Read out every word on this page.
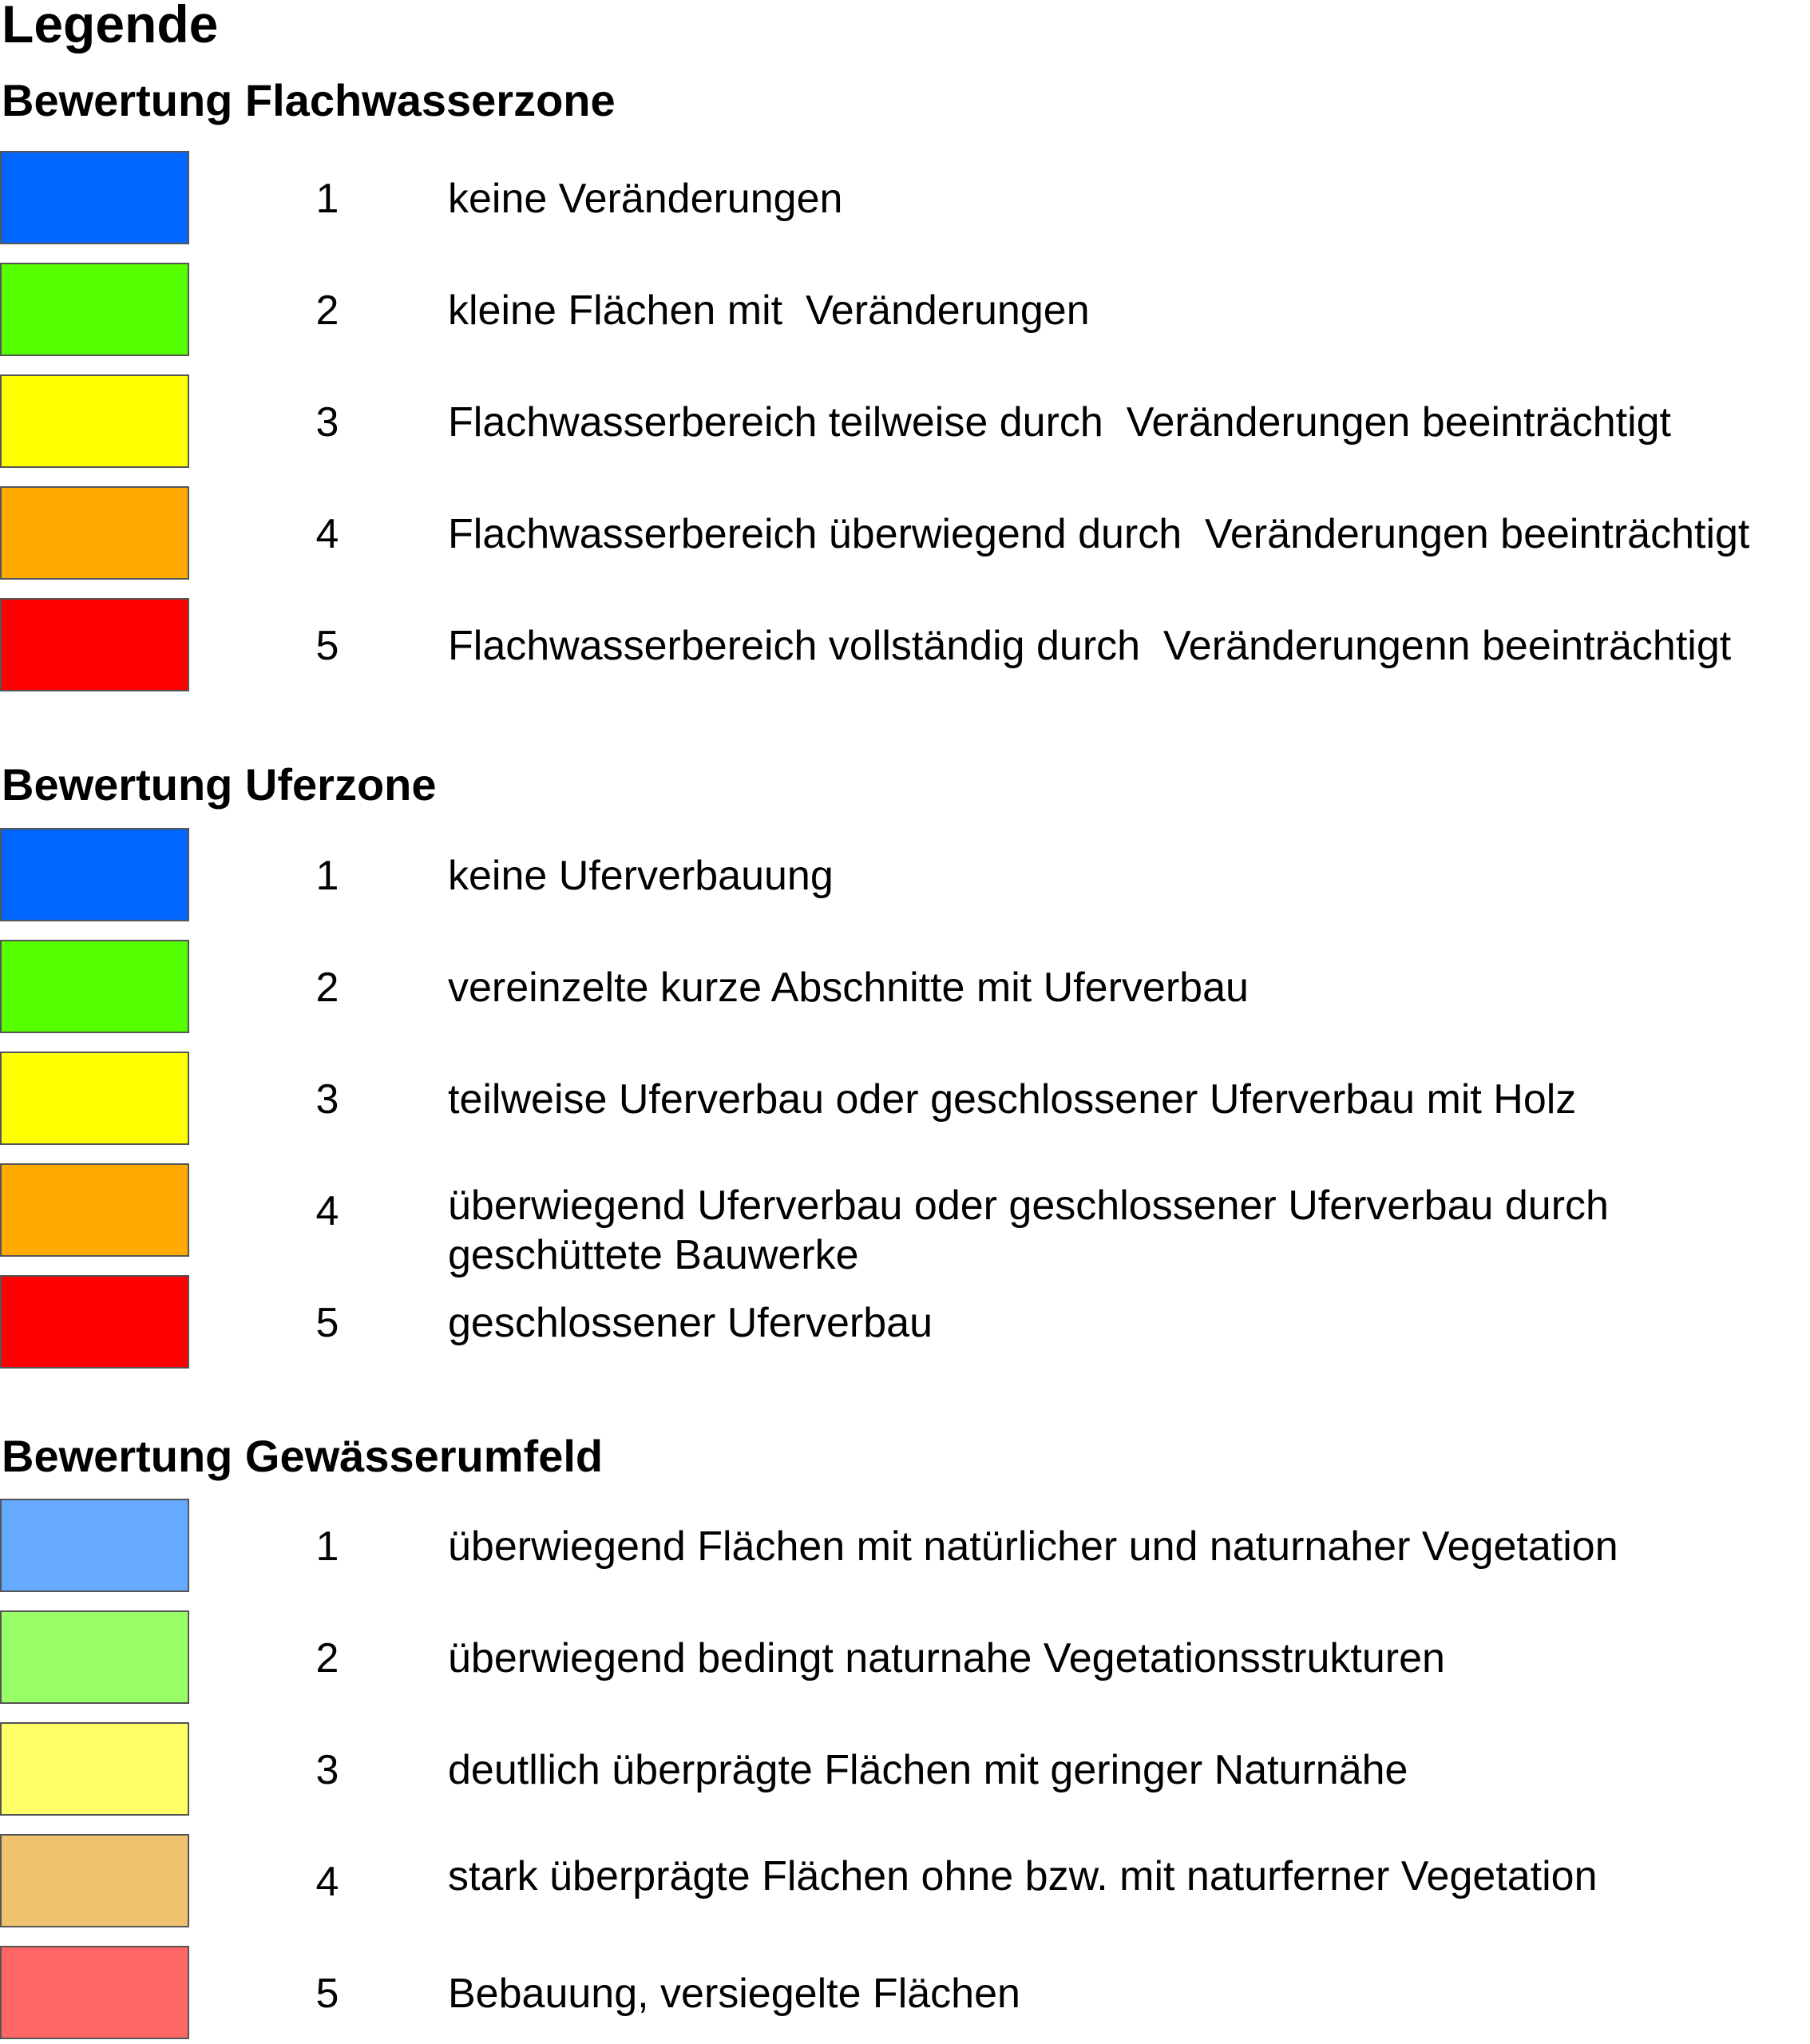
Legende
Bewertung Flachwasserzone
1	keine Veränderungen
2	kleine Flächen mit  Veränderungen
3	Flachwasserbereich teilweise durch  Veränderungen beeinträchtigt
4	Flachwasserbereich überwiegend durch  Veränderungen beeinträchtigt
5	Flachwasserbereich vollständig durch  Veränderungenn beeinträchtigt
Bewertung Uferzone
1	keine Uferverbauung
2	vereinzelte kurze Abschnitte mit Uferverbau
3	teilweise Uferverbau oder geschlossener Uferverbau mit Holz
4	überwiegend Uferverbau oder geschlossener Uferverbau durch
geschüttete Bauwerke
5	geschlossener Uferverbau
Bewertung Gewässerumfeld
1	überwiegend Flächen mit natürlicher und naturnaher Vegetation
2	überwiegend bedingt naturnahe Vegetationsstrukturen
3	deutllich überprägte Flächen mit geringer Naturnähe
4	stark überprägte Flächen ohne bzw. mit naturferner Vegetation
5	Bebauung, versiegelte Flächen
